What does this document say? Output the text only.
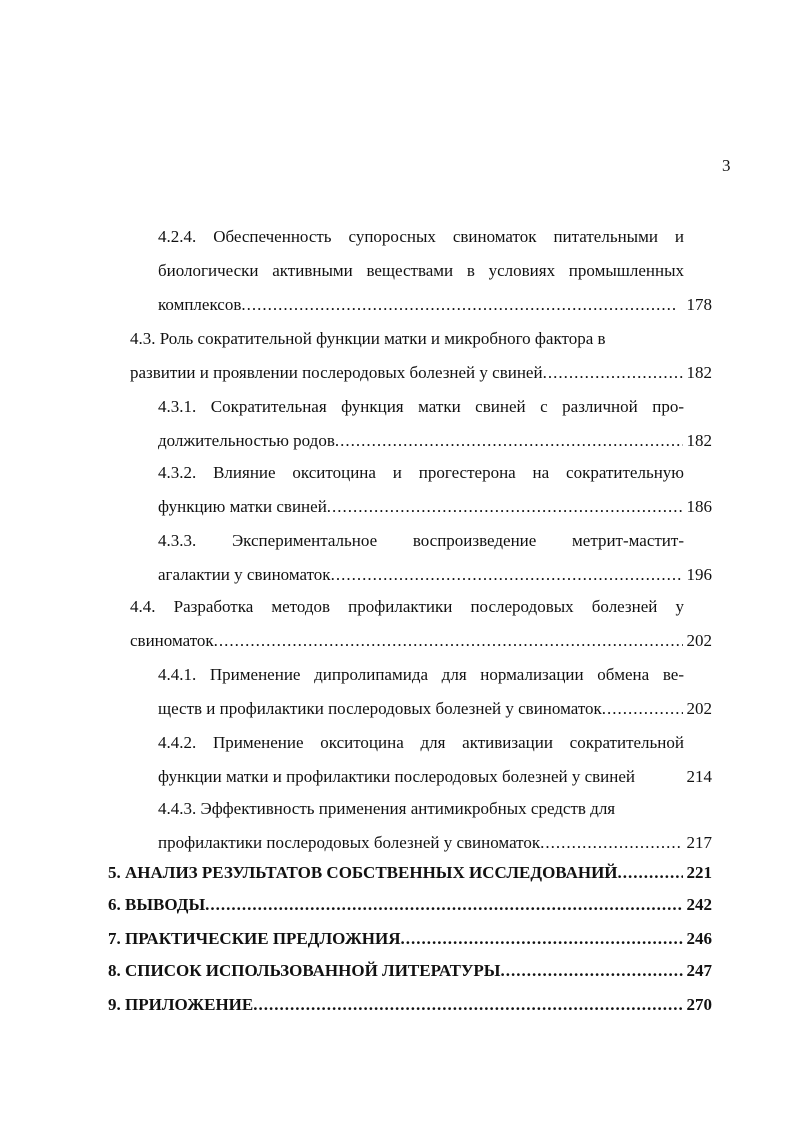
3
4.2.4. Обеспеченность супоросных свиноматок питательными и
биологически активными веществами в условиях промышленных
комплексов .....	178
4.3. Роль сократительной функции матки и микробного фактора в
развитии и проявлении послеродовых болезней у свиней .....	182
4.3.1. Сократительная функция матки свиней с различной про-
должительностью родов .....	182
4.3.2. Влияние окситоцина и прогестерона на сократительную
функцию матки свиней .....	186
4.3.3. Экспериментальное воспроизведение метрит-мастит-
агалактии у свиноматок .....	196
4.4. Разработка методов профилактики послеродовых болезней у
свиноматок .....	202
4.4.1. Применение дипролипамида для нормализации обмена ве-
ществ и профилактики послеродовых болезней у свиноматок .....	202
4.4.2. Применение окситоцина для активизации сократительной
функции матки и профилактики послеродовых болезней у свиней	214
4.4.3. Эффективность применения антимикробных средств для
профилактики послеродовых болезней у свиноматок .....	217
5. АНАЛИЗ РЕЗУЛЬТАТОВ СОБСТВЕННЫХ ИССЛЕДОВАНИЙ .....	221
6. ВЫВОДЫ .....	242
7. ПРАКТИЧЕСКИЕ ПРЕДЛОЖНИЯ .....	246
8. СПИСОК ИСПОЛЬЗОВАННОЙ ЛИТЕРАТУРЫ .....	247
9. ПРИЛОЖЕНИЕ .....	270
